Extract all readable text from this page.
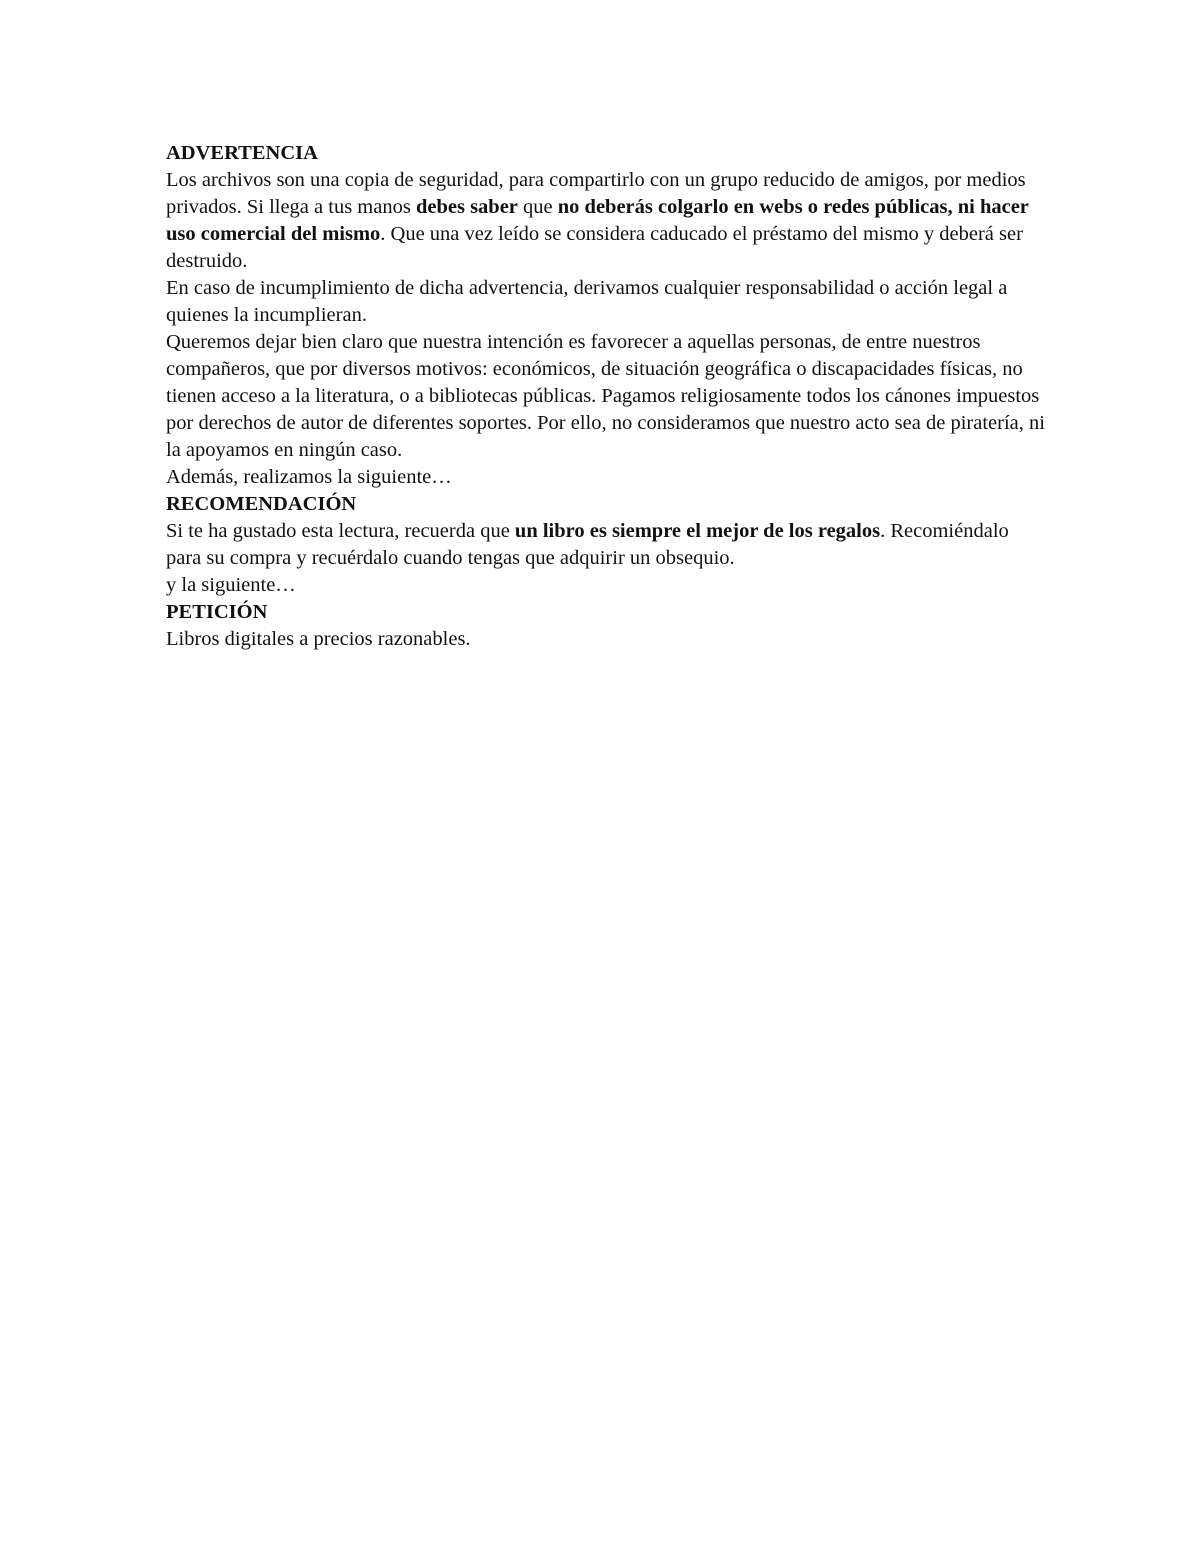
ADVERTENCIA

Los archivos son una copia de seguridad, para compartirlo con un grupo reducido de amigos, por medios privados. Si llega a tus manos debes saber que no deberás colgarlo en webs o redes públicas, ni hacer uso comercial del mismo. Que una vez leído se considera caducado el préstamo del mismo y deberá ser destruido.

En caso de incumplimiento de dicha advertencia, derivamos cualquier responsabilidad o acción legal a quienes la incumplieran.

Queremos dejar bien claro que nuestra intención es favorecer a aquellas personas, de entre nuestros compañeros, que por diversos motivos: económicos, de situación geográfica o discapacidades físicas, no tienen acceso a la literatura, o a bibliotecas públicas. Pagamos religiosamente todos los cánones impuestos por derechos de autor de diferentes soportes. Por ello, no consideramos que nuestro acto sea de piratería, ni la apoyamos en ningún caso.

Además, realizamos la siguiente…

RECOMENDACIÓN

Si te ha gustado esta lectura, recuerda que un libro es siempre el mejor de los regalos. Recomiéndalo para su compra y recuérdalo cuando tengas que adquirir un obsequio.

y la siguiente…

PETICIÓN

Libros digitales a precios razonables.
